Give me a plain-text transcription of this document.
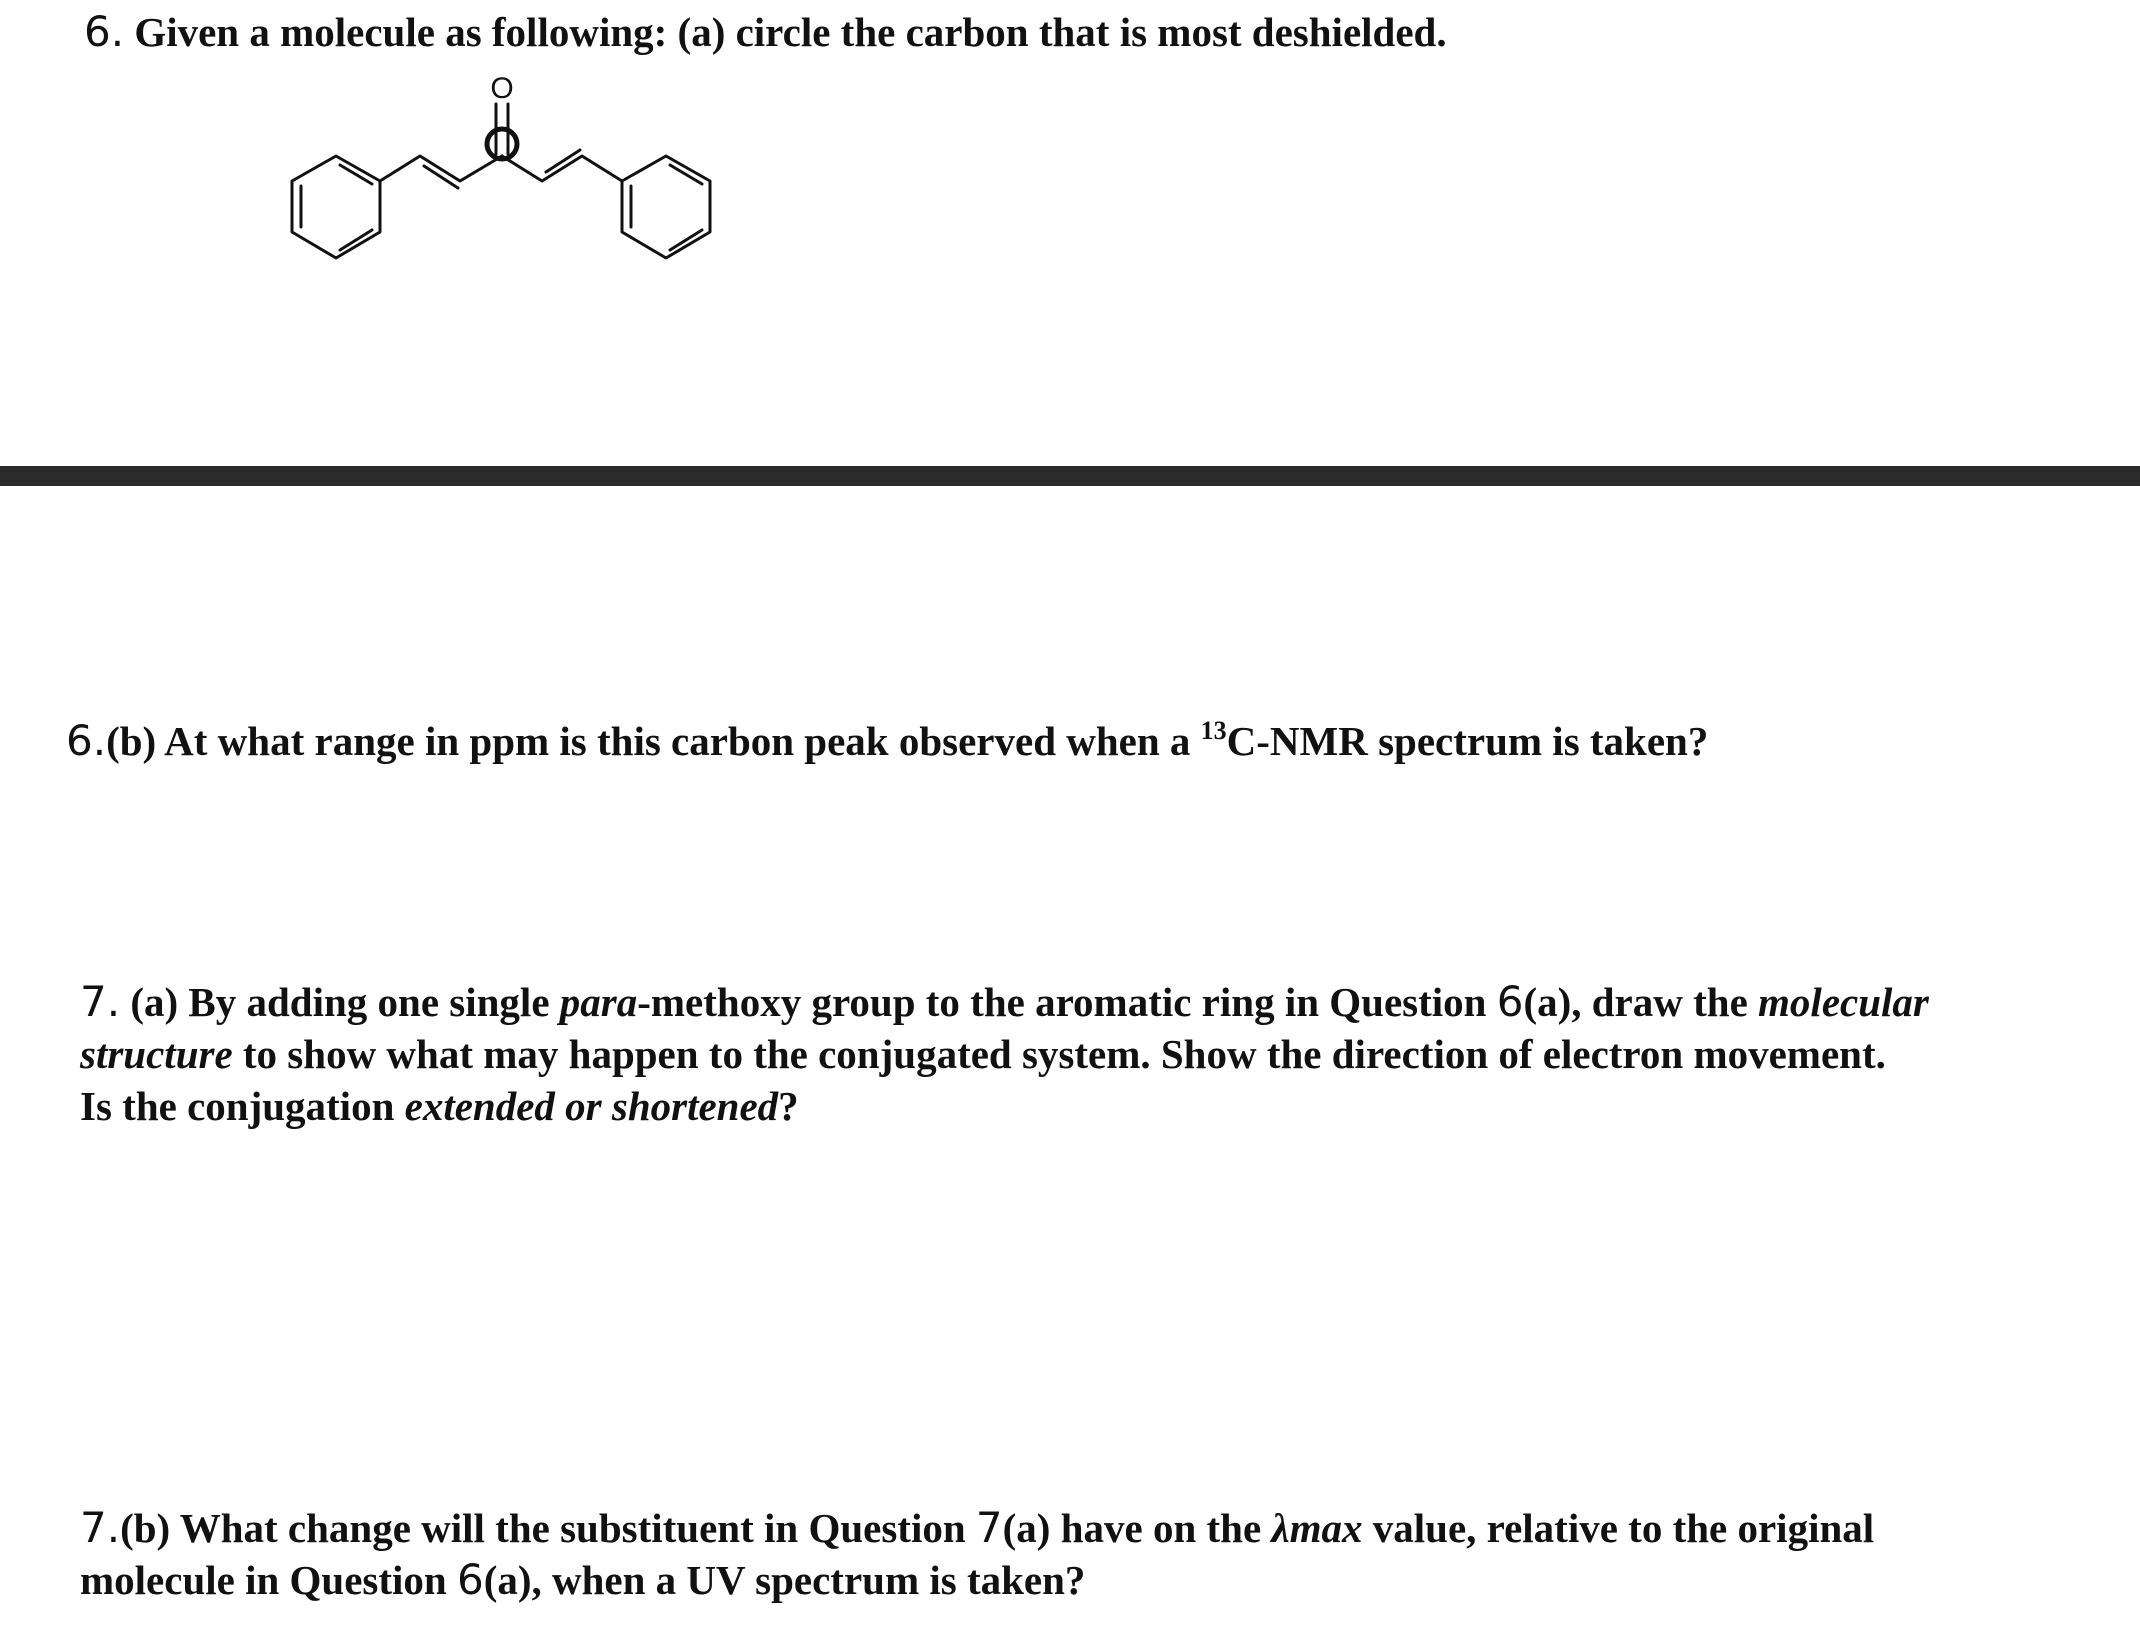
6. Given a molecule as following: (a) circle the carbon that is most deshielded.
O
6.(b) At what range in ppm is this carbon peak observed when a $^{13}$C-NMR spectrum is taken?
7. (a) By adding one single para-methoxy group to the aromatic ring in Question 6(a), draw the molecular
structure to show what may happen to the conjugated system. Show the direction of electron movement.
Is the conjugation extended or shortened?
7.(b) What change will the substituent in Question 7(a) have on the λmax value, relative to the original
molecule in Question 6(a), when a UV spectrum is taken?
